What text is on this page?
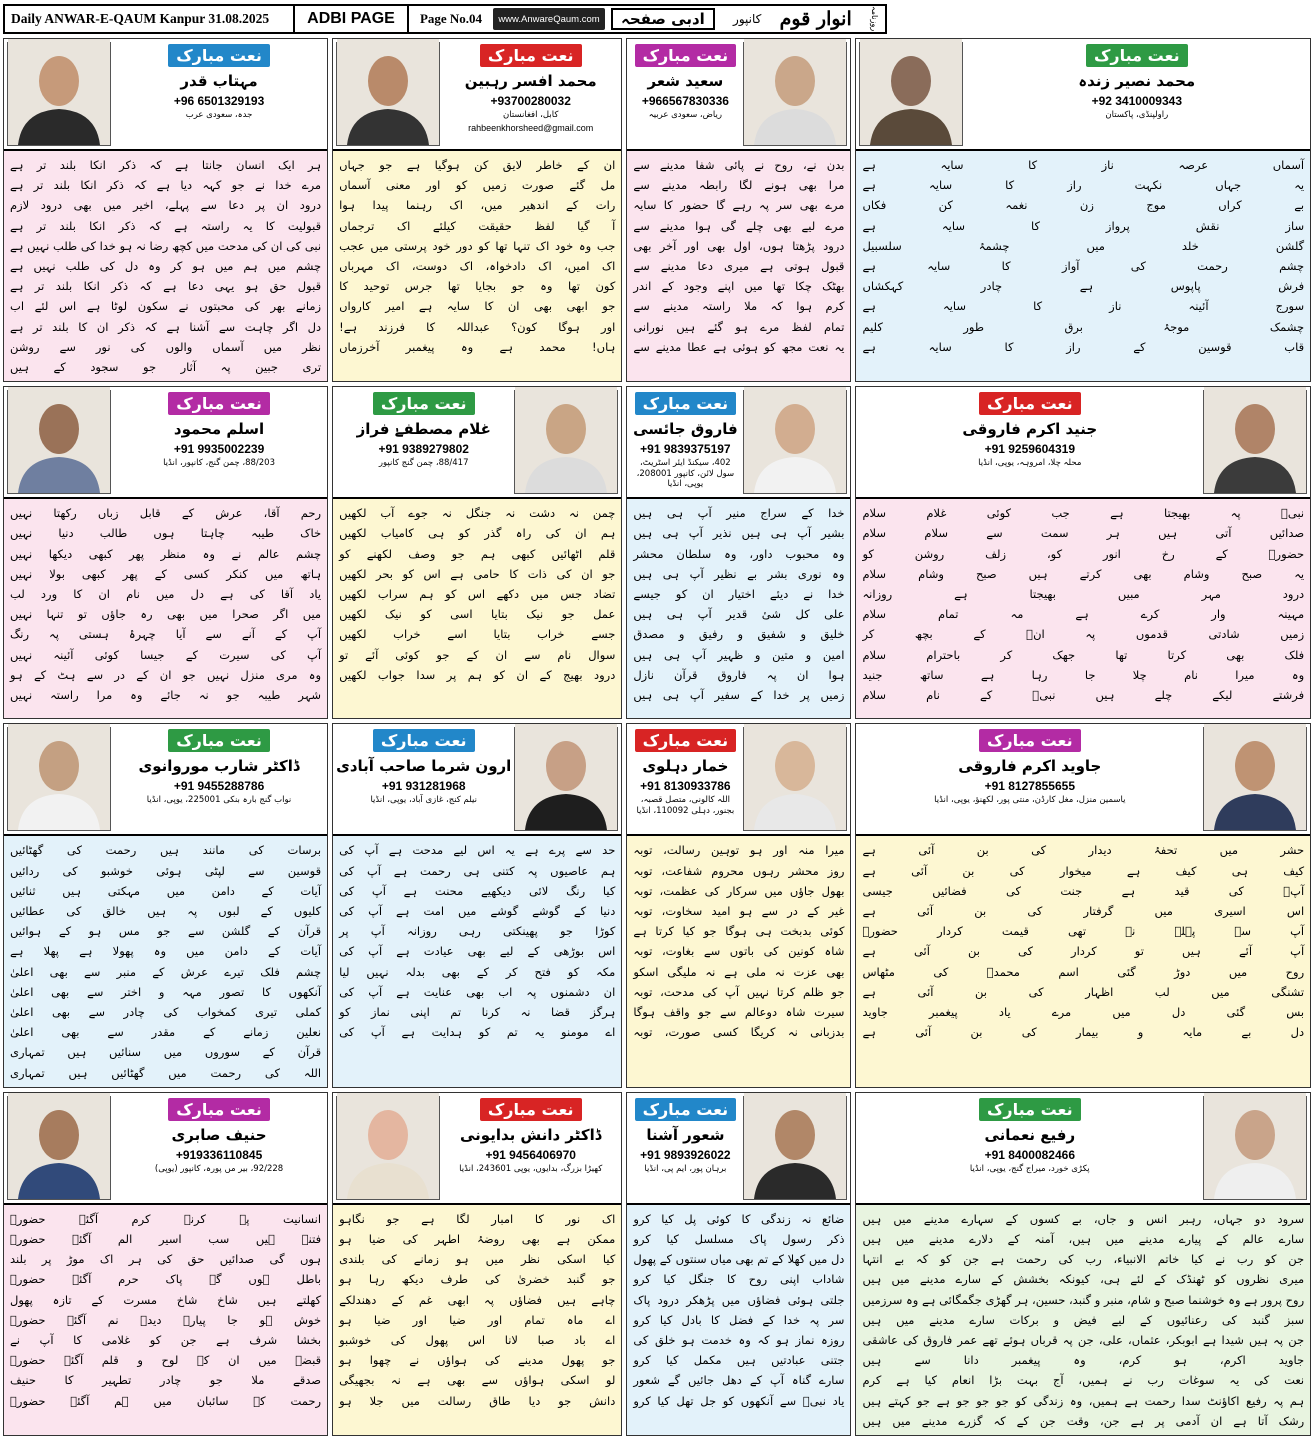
Daily ANWAR-E-QAUM Kanpur 31.08.2025	ADBI PAGE	Page No.04	www.AnwareQaum.com	روزنامہ
انوار قوم
کانپور
ادبی صفحہ
نعت مبارک
مہتاب قدر
+96 6501329193
جدہ، سعودی عرب

ہر ایک انسان جانتا ہے کہ ذکر انکا بلند تر ہے

مرے خدا نے جو کہہ دیا ہے کہ ذکر انکا بلند تر ہے

درود ان پر دعا سے پہلے، اخیر میں بھی درود لازم

قبولیت کا یہ راستہ ہے کہ ذکر انکا بلند تر ہے

نبی کی ان کی مدحت میں کچھ رضا نہ ہو خدا کی طلب نہیں ہے

چشم میں ہم میں ہو کر وہ دل کی طلب نہیں ہے

قبول حق ہو یہی دعا ہے کہ ذکر انکا بلند تر ہے

زمانے بھر کی محبتوں نے سکون لوٹا ہے اس لئے اب

دل اگر چاہت سے آشنا ہے کہ ذکر ان کا بلند تر ہے

نظر میں آسماں والوں کی نور سے روشن

تری جبین پہ آثار جو سجود کے ہیں

نعت مبارک
محمد افسر رہبین
+93700280032
کابل، افغانستان
rahbeenkhorsheed@gmail.com

ان کے خاطر لایق کن ہوگیا ہے جو جہاں

مل گئے صورت زمیں کو اور معنی آسماں

رات کے اندھیر میں، اک رہنما پیدا ہوا

آ گیا لفظ حقیقت کیلئے اک ترجماں

جب وہ خود اک تنہا تھا کو دور خود پرستی میں عجب

اک امیں، اک دادخواہ، اک دوست، اک مہرباں

کون تھا وہ جو بجایا تھا جرس توحید کا

جو ابھی بھی ان کا سایہ ہے امیر کارواں

اور ہوگا کون؟ عبداللہ کا فرزند ہے!

ہاں! محمد ہے وہ پیغمبر آخرزماں

نعت مبارک
سعید شعر
+966567830336
ریاض، سعودی عربیہ

بدن نے، روح نے پائی شفا مدینے سے

مرا بھی ہونے لگا رابطہ مدینے سے

مرے بھی سر پہ رہے گا حضور کا سایہ

مرے لیے بھی چلے گی ہوا مدینے سے

درود پڑھتا ہوں، اول بھی اور آخر بھی

قبول ہوتی ہے میری دعا مدینے سے

بھٹک چکا تھا میں اپنے وجود کے اندر

کرم ہوا کہ ملا راستہ مدینے سے

تمام لفظ مرے ہو گئے ہیں نورانی

یہ نعت مجھ کو ہوئی ہے عطا مدینے سے

نعت مبارک
محمد نصیر زندہ
+92 3410009343
راولپنڈی، پاکستان

آسماں عرصہ ناز کا سایہ ہے

یہ جہاں نکہت راز کا سایہ ہے

بے کراں موج زن نغمہ کن فکاں

ساز نقش پرواز کا سایہ ہے

گلشن خلد میں چشمۂ سلسبیل

چشم رحمت کی آواز کا سایہ ہے

فرش پاپوس ہے چادر کہکشاں

سورج آئینہ ناز کا سایہ ہے

چشمک موجۂ برق طور کلیم

قاب قوسین کے راز کا سایہ ہے

نعت مبارک
اسلم محمود
+91 9935002239
88/203، چمن گنج، کانپور، انڈیا

رحم آقا، عرش کے قابل زباں رکھتا نہیں

خاک طیبہ چاہتا ہوں طالب دنیا نہیں

چشم عالم نے وہ منظر پھر کبھی دیکھا نہیں

ہاتھ میں کنکر کسی کے پھر کبھی بولا نہیں

یاد آقا کی ہے دل میں نام ان کا ورد لب

میں اگر صحرا میں بھی رہ جاؤں تو تنہا نہیں

آپ کے آنے سے آیا چہرۂ ہستی پہ رنگ

آپ کی سیرت کے جیسا کوئی آئینہ نہیں

وہ مری منزل نہیں جو ان کے در سے ہٹ کے ہو

شہر طیبہ جو نہ جائے وہ مرا راستہ نہیں

نعت مبارک
غلام مصطفےٰ فراز
+91 9389279802
88/417، چمن گنج کانپور

چمن نہ دشت نہ جنگل نہ جوے آب لکھیں

ہم ان کی راہ گذر کو ہی کامیاب لکھیں

قلم اٹھائیں کبھی ہم جو وصف لکھنے کو

جو ان کی ذات کا حامی ہے اس کو بحر لکھیں

تضاد جس میں دکھے اس کو ہم سراب لکھیں

عمل جو نیک بتایا اسی کو نیک لکھیں

جسے خراب بتایا اسے خراب لکھیں

سوال نام سے ان کے جو کوئی آئے تو

درود بھیج کے ان کو ہم پر سدا جواب لکھیں

نعت مبارک
فاروق جائسی
+91 9839375197
402، سیکنڈ ایئر اسٹریٹ، سول لائن، کانپور 208001، یوپی، انڈیا

خدا کے سراج منیر آپ ہی ہیں

بشیر آپ ہی ہیں نذیر آپ ہی ہیں

وہ محبوب داور، وہ سلطان محشر

وہ نوری بشر بے نظیر آپ ہی ہیں

خدا نے دیئے اختیار ان کو جیسے

علی کل شیٔ قدیر آپ ہی ہیں

خلیق و شفیق و رفیق و مصدق

امین و متین و ظہیر آپ ہی ہیں

ہوا ان پہ فاروق قرآن نازل

زمیں پر خدا کے سفیر آپ ہی ہیں

نعت مبارک
جنید اکرم فاروقی
+91 9259604319
محلہ چلا، امروہہ، یوپی، انڈیا

نبیؐ پہ بھیجتا ہے جب کوئی غلام سلام

صدائیں آتی ہیں ہر سمت سے سلام سلام

حضورؐ کے رخ انور کو، زلف روشن کو

یہ صبح وشام بھی کرتے ہیں صبح وشام سلام

درود مہر مبیں بھیجتا ہے روزانہ

مہینہ وار کرے ہے مہ تمام سلام

زمیں شادتی قدموں پہ انؐ کے بچھ کر

فلک بھی کرتا تھا جھک کر باحترام سلام

وہ میرا نام چلا جا رہا ہے ساتھ جنید

فرشتے لیکے چلے ہیں نبیؐ کے نام سلام

نعت مبارک
ڈاکٹر شارب موروانوی
+91 9455288786
نواب گنج بارہ بنکی 225001، یوپی، انڈیا

برسات کی مانند ہیں رحمت کی گھٹائیں

قوسین سے لپٹی ہوئی خوشبو کی ردائیں

آیات کے دامن میں مہکتی ہیں ثنائیں

کلیوں کے لبوں پہ ہیں خالق کی عطائیں

قرآن کے گلشن سے جو مس ہو کے ہوائیں

آیات کے دامن میں وہ پھولا ہے پھلا ہے

چشم فلک تیرے عرش کے منبر سے بھی اعلیٰ

آنکھوں کا تصور مہہ و اختر سے بھی اعلیٰ

کملی تیری کمخواب کی چادر سے بھی اعلیٰ

نعلین زمانے کے مقدر سے بھی اعلیٰ

قرآن کے سوروں میں سنائیں ہیں تمہاری

اللہ کی رحمت میں گھٹائیں ہیں تمہاری

نعت مبارک
ارون شرما صاحب آبادی
+91 931281968
نیلم کنج، غازی آباد، یوپی، انڈیا

حد سے پرے ہے یہ اس لیے مدحت ہے آپ کی

ہم عاصیوں پہ کتنی ہی رحمت ہے آپ کی

کیا رنگ لائی دیکھیے محنت ہے آپ کی

دنیا کے گوشے گوشے میں امت ہے آپ کی

کوڑا جو پھینکتی رہی روزانہ آپ پر

اس بوڑھی کے لیے بھی عیادت ہے آپ کی

مکہ کو فتح کر کے بھی بدلہ نہیں لیا

ان دشمنوں پہ اب بھی عنایت ہے آپ کی

ہرگز قضا نہ کرنا تم اپنی نماز کو

اے مومنو یہ تم کو ہدایت ہے آپ کی

نعت مبارک
خمار دہلوی
+91 8130933786
اللہ کالونی، متصل قصبہ، بجنور، دہلی 110092، انڈیا

میرا منہ اور ہو توہین رسالت، توبہ

روز محشر رہوں محروم شفاعت، توبہ

بھول جاؤں میں سرکار کی عظمت، توبہ

غیر کے در سے ہو امید سخاوت، توبہ

کوئی بدبخت ہی ہوگا جو کیا کرتا ہے

شاہ کونین کی باتوں سے بغاوت، توبہ

بھی عزت نہ ملی ہے نہ ملیگی اسکو

جو ظلم کرتا نہیں آپ کی مدحت، توبہ

سیرت شاہ دوعالم سے جو واقف ہوگا

بدزبانی نہ کریگا کسی صورت، توبہ

نعت مبارک
جاوید اکرم فاروقی
+91 8127855655
یاسمین منزل، مغل کارڈن، منتی پور، لکھنؤ، یوپی، انڈیا

حشر میں تحفۂ دیدار کی بن آئی ہے

کیف ہی کیف ہے میخوار کی بن آئی ہے

آپؐ کی قید ہے جنت کی فضائیں جیسی

اس اسیری میں گرفتار کی بن آئی ہے

آپ سے پہلے نہ تھی قیمت کردار حضورؐ

آپ آئے ہیں تو کردار کی بن آئی ہے

روح میں دوڑ گئی اسم محمدؐ کی مٹھاس

تشنگی میں لب اظہار کی بن آئی ہے

بس گئی دل میں مرے یاد پیغمبر جاوید

دل بے مایہ و بیمار کی بن آئی ہے

نعت مبارک
حنیف صابری
+919336110845
92/228، بیر مں پورہ، کانپور (یوپی)

انسانیت پہ کرنے کرم آگئے حضورؐ

فتنے ہیں سب اسیر الم آگئے حضورؐ

ہوں گی صدائیں حق کی ہر اک موڑ پر بلند

باطل ہوں گے پاک حرم آگئے حضورؐ

کھلتے ہیں شاخ شاخ مسرت کے تازہ پھول

خوش ہو جا پیارے دیدہ نم آگئے حضورؐ

بخشا شرف ہے جن کو غلامی کا آپ نے

قبضے میں ان کے لوح و قلم آگئے حضورؐ

صدقے ملا جو چادر تطہیر کا حنیف

رحمت کے سائبان میں ہم آگئے حضورؐ

نعت مبارک
ڈاکٹر دانش بدایونی
+91 9456406970
کھیڑا بزرگ، بدایوں، یوپی 243601، انڈیا

اک نور کا امبار لگا ہے جو نگاہو

ممکن ہے بھی روضۂ اطہر کی ضیا ہو

کیا اسکی نظر میں ہو زمانے کی بلندی

جو گنبد خضریٰ کی طرف دیکھ رہا ہو

چاہے ہیں فضاؤں پہ ابھی غم کے دھندلکے

اے ماہ تمام اور ضیا اور ضیا ہو

اے باد صبا لانا اس پھول کی خوشبو

جو پھول مدینے کی ہواؤں نے چھوا ہو

لو اسکی ہواؤں سے بھی ہے نہ بجھیگی

دانش جو دیا طاق رسالت میں جلا ہو

نعت مبارک
شعور آشنا
+91 9893926022
برہان پور، ایم پی، انڈیا

ضائع نہ زندگی کا کوئی پل کیا کرو

ذکر رسول پاک مسلسل کیا کرو

دل میں کھلا کے تم بھی میاں سنتوں کے پھول

شاداب اپنی روح کا جنگل کیا کرو

جلتی ہوئی فضاؤں میں پڑھکر درود پاک

سر پہ خدا کے فضل کا بادل کیا کرو

روزہ نماز ہو کہ وہ خدمت ہو خلق کی

جتنی عبادتیں ہیں مکمل کیا کرو

سارے گناہ آپ کے دھل جائیں گے شعور

یاد نبیؐ سے آنکھوں کو جل تھل کیا کرو

نعت مبارک
رفیع نعمانی
+91 8400082466
پکڑی خورد، میراج گنج، یوپی، انڈیا

سرود دو جہاں، رہبر انس و جاں، بے کسوں کے سہارے مدینے میں ہیں

سارے عالم کے پیارے مدینے میں ہیں، آمنہ کے دلارے مدینے میں ہیں

جن کو رب نے کیا خاتم الانبیاء، رب کی رحمت ہے جن کو کہ بے انتہا

میری نظروں کو ٹھنڈک کے لئے ہی، کیونکہ بخشش کے سارے مدینے میں ہیں

روح پرور ہے وہ خوشنما صبح و شام، منبر و گنبد، حسین، ہر گھڑی جگمگائی ہے وہ سرزمیں

سبز گنبد کی رعنائیوں کے لیے فیض و برکات سارے مدینے میں ہیں

جن پہ ہیں شیدا ہے ابوبکر، عثماں، علی، جن پہ قرباں ہوئے تھے عمر فاروق کی عاشقی

جاوید اکرم، ہو کرم، وہ پیغمبر دانا سے ہیں

نعت کی یہ سوغات رب نے ہمیں، آج بہت بڑا انعام کیا ہے کرم

ہم پہ رفیع اکاؤنٹ سدا رحمت ہے ہمیں، وہ زندگی کو جو جو جو ہے جو کہتے ہیں

رشک آتا ہے ان آدمی پر ہے جن، وقت جن کے کہ گزرے مدینے میں ہیں
